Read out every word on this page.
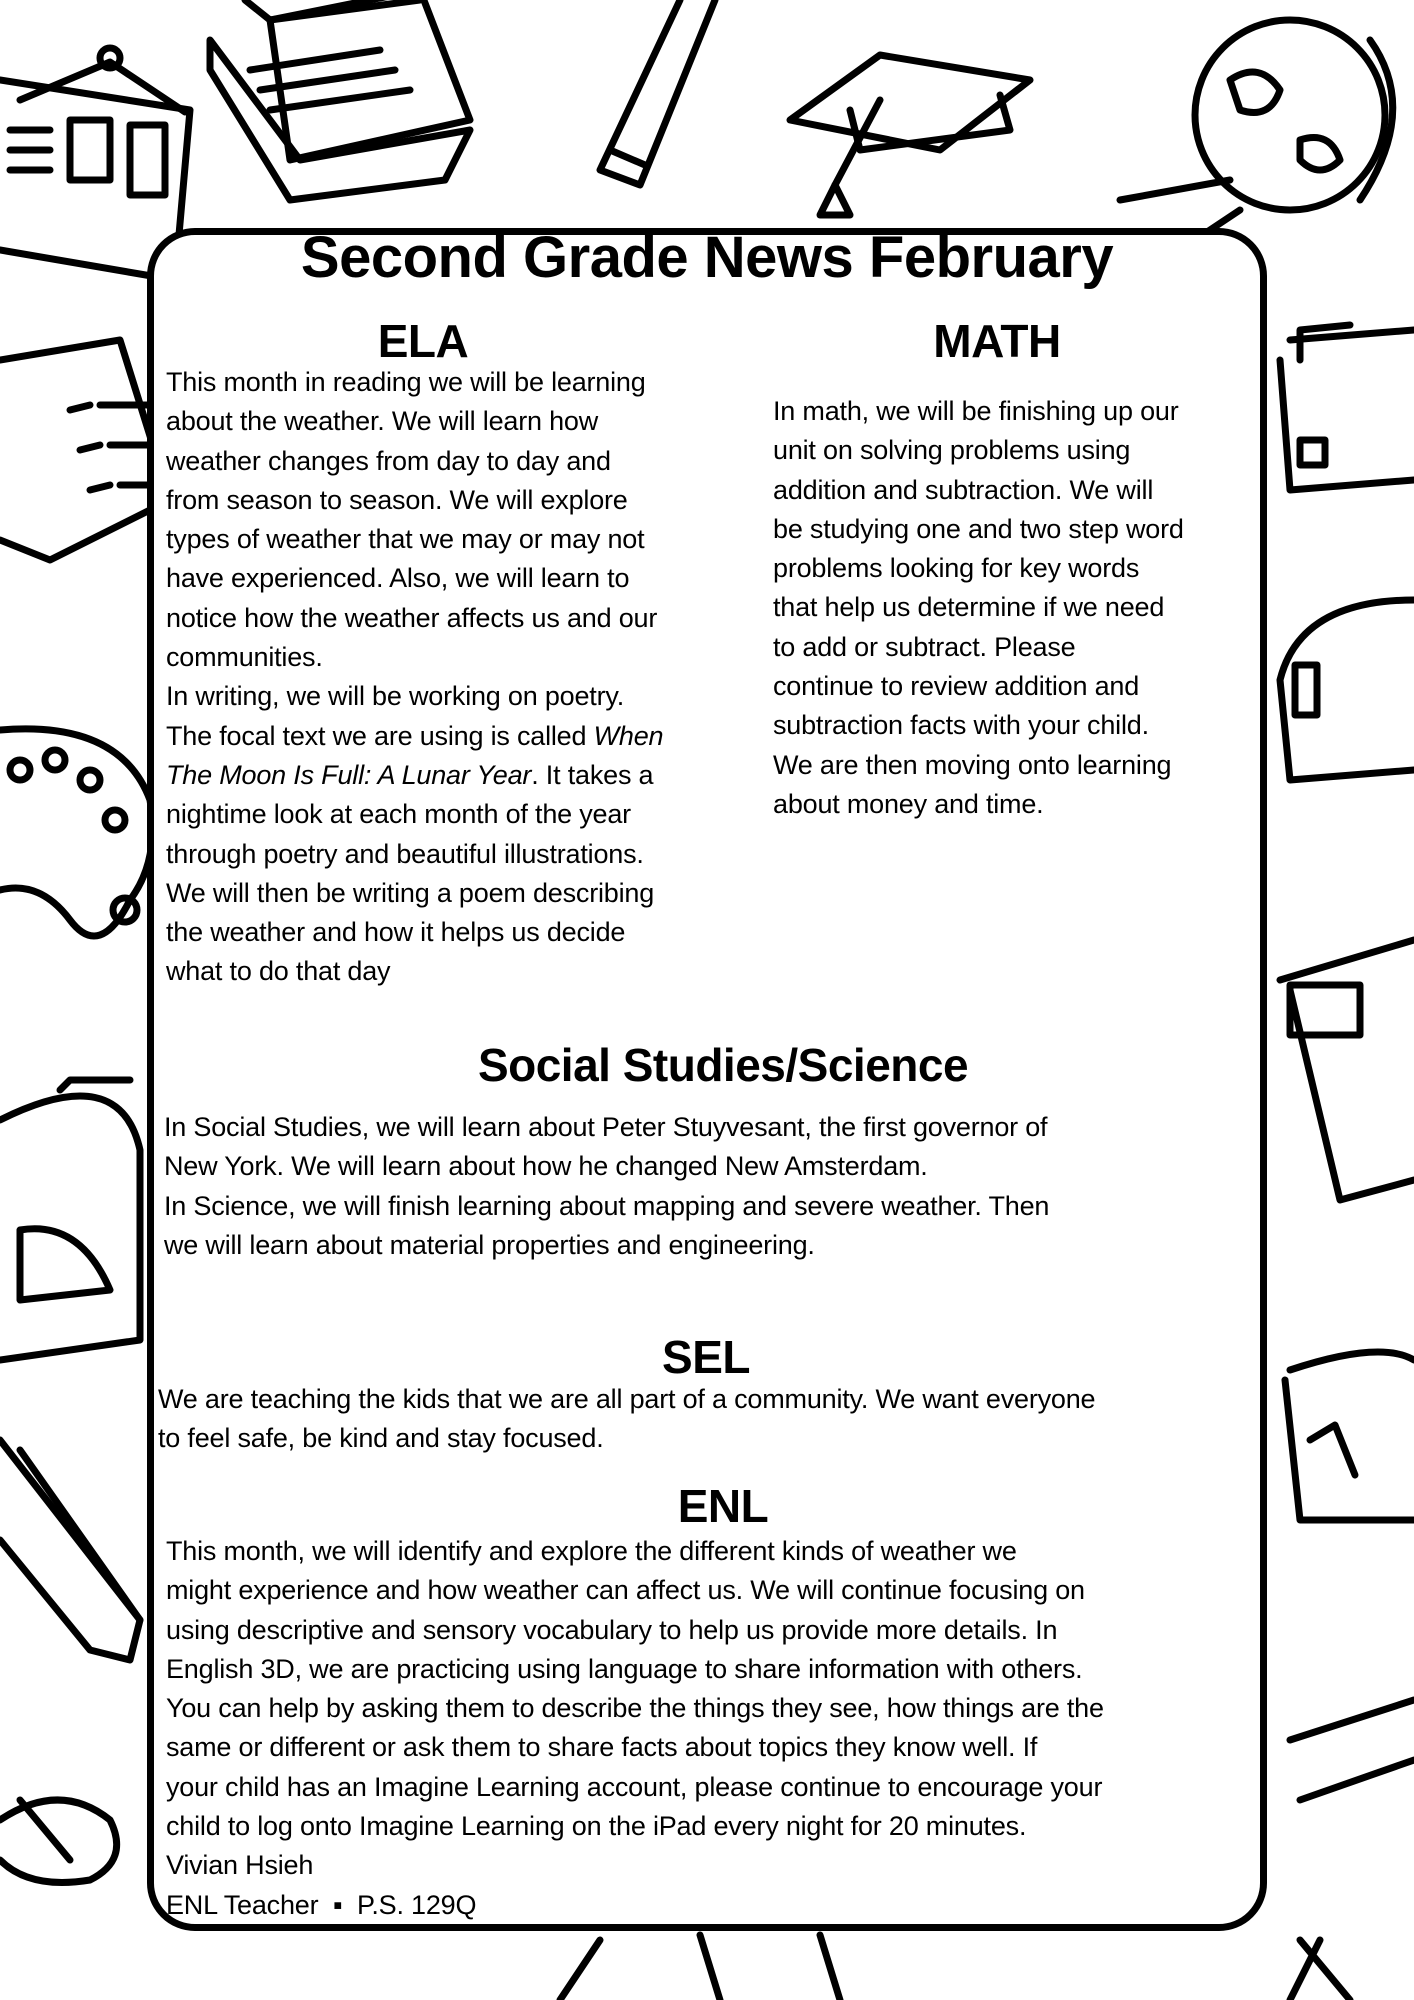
Second Grade News February
ELA
This month in reading we will be learning
about the weather. We will learn how
weather changes from day to day and
from season to season. We will explore
types of weather that we may or may not
have experienced. Also, we will learn to
notice how the weather affects us and our
communities.
In writing, we will be working on poetry.
The focal text we are using is called When
The Moon Is Full: A Lunar Year. It takes a
nightime look at each month of the year
through poetry and beautiful illustrations.
We will then be writing a poem describing
the weather and how it helps us decide
what to do that day
MATH
In math, we will be finishing up our
unit on solving problems using
addition and subtraction. We will
be studying one and two step word
problems looking for key words
that help us determine if we need
to add or subtract. Please
continue to review addition and
subtraction facts with your child.
We are then moving onto learning
about money and time.
Social Studies/Science
In Social Studies, we will learn about Peter Stuyvesant, the first governor of
New York. We will learn about how he changed New Amsterdam.
In Science, we will finish learning about mapping and severe weather. Then
we will learn about material properties and engineering.
SEL
We are teaching the kids that we are all part of a community. We want everyone
to feel safe, be kind and stay focused.
ENL
This month, we will identify and explore the different kinds of weather we
might experience and how weather can affect us. We will continue focusing on
using descriptive and sensory vocabulary to help us provide more details. In
English 3D, we are practicing using language to share information with others.
You can help by asking them to describe the things they see, how things are the
same or different or ask them to share facts about topics they know well. If
your child has an Imagine Learning account, please continue to encourage your
child to log onto Imagine Learning on the iPad every night for 20 minutes.
Vivian Hsieh
ENL Teacher ▪ P.S. 129Q
